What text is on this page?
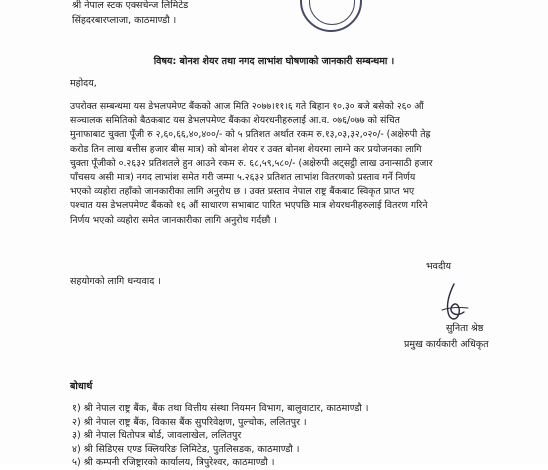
श्री नेपाल स्टक एक्सचेन्ज लिमिटेड
सिंहदरबारप्लाजा, काठमाण्डौ ।
विषय: बोनश शेयर तथा नगद लाभांश घोषणाको जानकारी सम्बन्धमा ।
महोदय,

उपरोक्त सम्बन्धमा यस डेभलपमेण्ट बैंकको आज मिति २०७७।११।६ गते बिहान १०.३० बजे बसेको २६० औं
सञ्चालक समितिको बैठकबाट यस डेभलपमेण्ट बैंकका शेयरधनीहरुलाई आ.व. ०७६/०७७ को संचित
मुनाफाबाट चुक्ता पूँजी रु २,६०,६६,४०,४००/- को ५ प्रतिशत अर्थात रकम रु.१३,०३,३२,०२०/- (अक्षेरुपी तेह्र
करोड तिन लाख बत्तीस हजार बीस मात्र) को बोनश शेयर र उक्त बोनश शेयरमा लाग्ने कर प्रयोजनका लागि
चुक्ता पूँजीको ०.२६३२ प्रतिशतले हुन आउने रकम रु. ६८,५९,५८०/- (अक्षेरुपी अट्सट्ठी लाख उनान्साठी हजार
पाँचसय असी मात्र) नगद लाभांश समेत गरी जम्मा ५.२६३२ प्रतिशत लाभांश वितरणको प्रस्ताव गर्ने निर्णय
भएको व्यहोरा तहाँको जानकारीका लागि अनुरोध छ । उक्त प्रस्ताव नेपाल राष्ट्र बैंकबाट स्विकृत प्राप्त भए
पश्चात यस डेभलपमेण्ट बैंकको १६ औं साधारण सभाबाट पारित भएपछि मात्र शेयरधनीहरुलाई वितरण गरिने
निर्णय भएको व्यहोरा समेत जानकारीका लागि अनुरोध गर्दछौ ।

भवदीय
सहयोगको लागि धन्यवाद ।
सुनिता श्रेष्ठ
प्रमुख कार्यकारी अधिकृत
बोधार्थ
१) श्री नेपाल राष्ट्र बैंक, बैंक तथा वित्तीय संस्था नियमन विभाग, बालुवाटार, काठमाण्डौ ।
२) श्री नेपाल राष्ट्र बैंक, विकास बैंक सुपरिवेक्षण, पुल्चोक, ललितपुर ।
३) श्री नेपाल धितोपत्र बोर्ड, जावलाखेल, ललितपुर
४) श्री सिडिएस एण्ड क्लियरिङ लिमिटेड, पुतलिसडक, काठमाण्डौ ।
५) श्री कम्पनी रजिष्ट्रारको कार्यालय, त्रिपुरेश्वर, काठमाण्डौ ।
